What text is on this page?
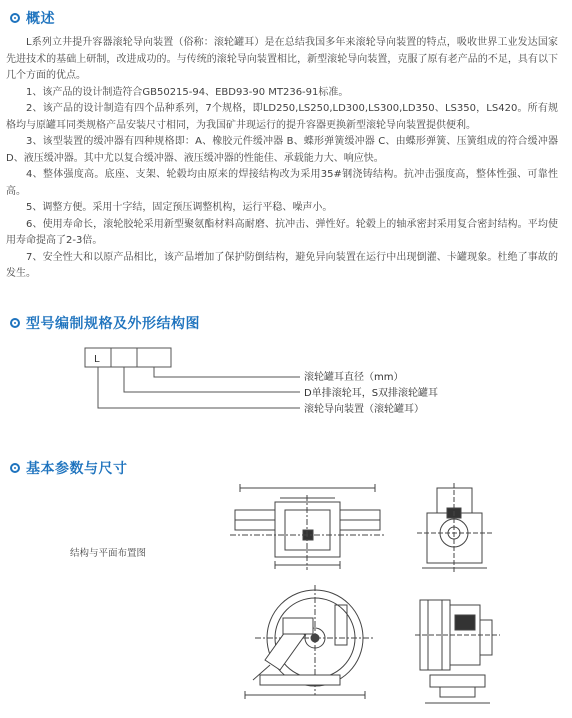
概述

L系列立井提升容器滚轮导向装置（俗称：滚轮罐耳）是在总结我国多年来滚轮导向装置的特点，吸收世界工业发达国家先进技术的基础上研制，改进成功的。与传统的滚轮导向装置相比，新型滚轮导向装置，克服了原有老产品的不足，具有以下几个方面的优点。

1、该产品的设计制造符合GB50215-94、EBD93-90 MT236-91标准。

2、该产品的设计制造有四个品种系列，7个规格，即LD250,LS250,LD300,LS300,LD350、LS350，LS420。所有规格均与原罐耳同类规格产品安装尺寸相同，为我国矿井现运行的提升容器更换新型滚轮导向装置提供便利。

3、该型装置的缓冲器有四种规格即：A、橡胶元件缓冲器 B、蝶形弹簧缓冲器 C、由蝶形弹簧、压簧组成的符合缓冲器 D、液压缓冲器。其中尤以复合缓冲器、液压缓冲器的性能佳、承载能力大、响应快。

4、整体强度高。底座、支架、轮毂均由原来的焊接结构改为采用35#钢浇铸结构。抗冲击强度高，整体性强、可靠性高。

5、调整方便。采用十字结，固定预压调整机构，运行平稳、噪声小。

6、使用寿命长，滚轮胶轮采用新型聚氨酯材料高耐磨、抗冲击、弹性好。轮毂上的轴承密封采用复合密封结构。平均使用寿命提高了2-3倍。

7、安全性大和以原产品相比，该产品增加了保护防倒结构，避免异向装置在运行中出现倒灌、卡罐现象。杜绝了事故的发生。

型号编制规格及外形结构图
L
滚轮罐耳直径（mm）
D单排滚轮耳，S双排滚轮罐耳
滚轮导向装置（滚轮罐耳）
基本参数与尺寸
结构与平面布置图
